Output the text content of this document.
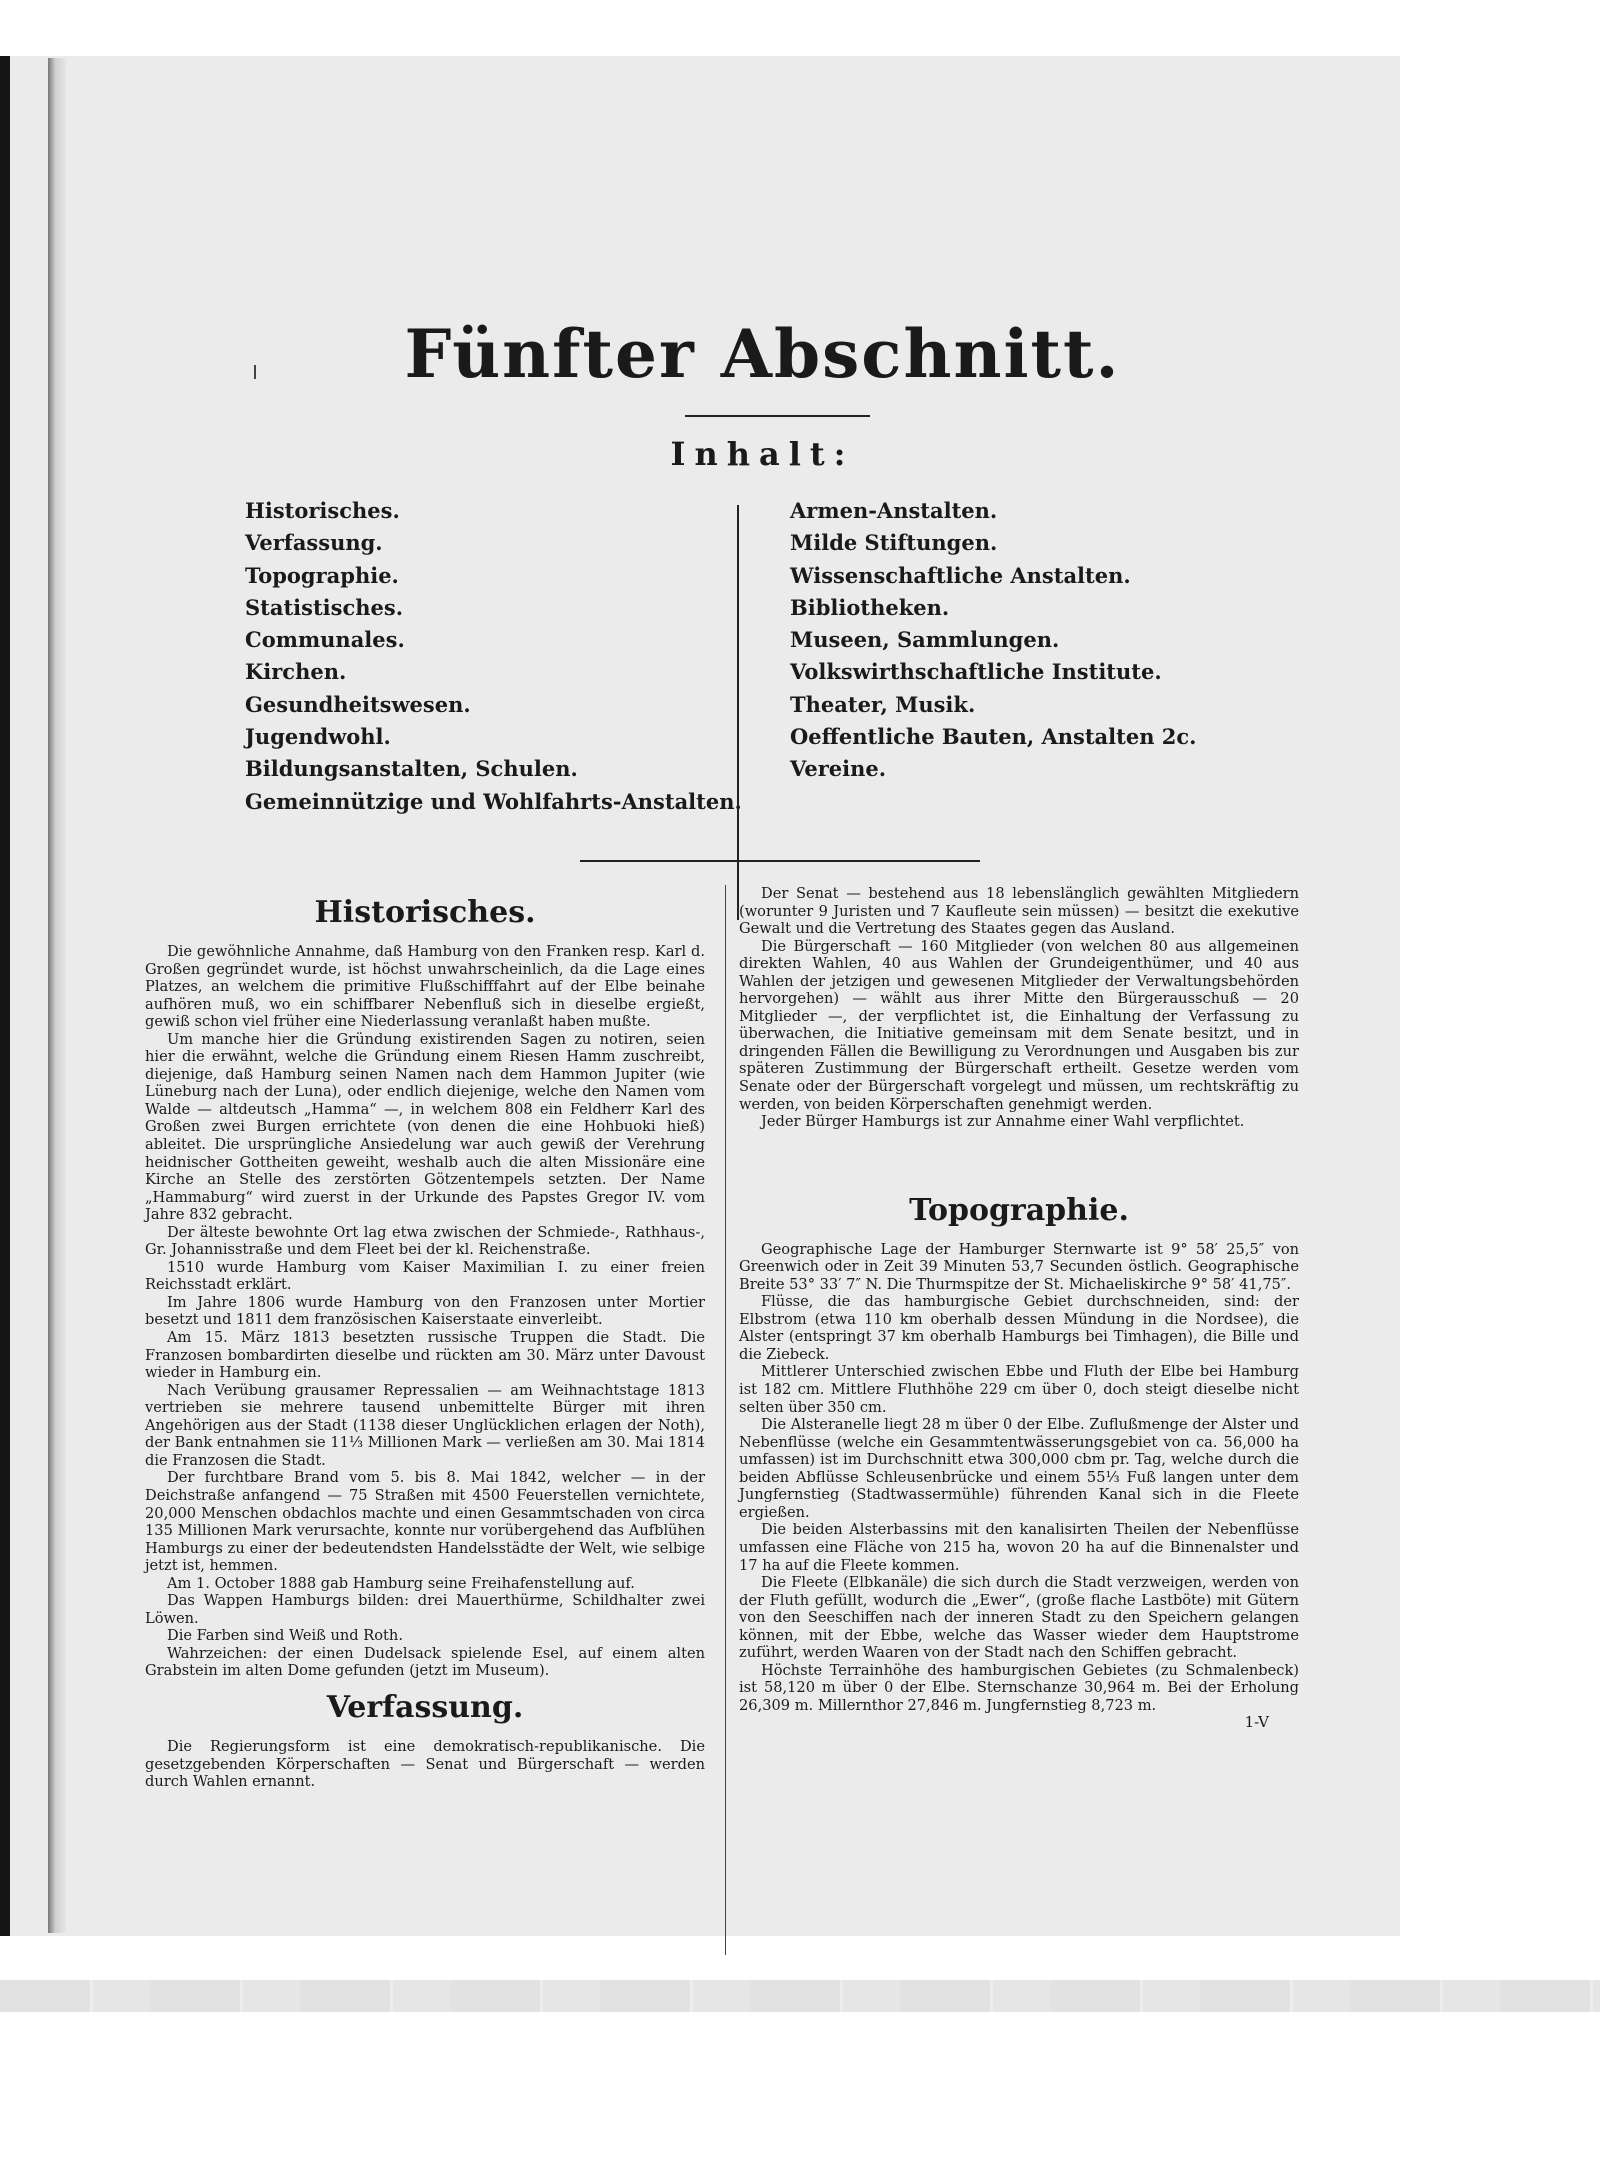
Fünfter Abschnitt.
Inhalt:
Historisches.
Verfassung.
Topographie.
Statistisches.
Communales.
Kirchen.
Gesundheitswesen.
Jugendwohl.
Bildungsanstalten, Schulen.
Gemeinnützige und Wohlfahrts-Anstalten.
Armen-Anstalten.
Milde Stiftungen.
Wissenschaftliche Anstalten.
Bibliotheken.
Museen, Sammlungen.
Volkswirthschaftliche Institute.
Theater, Musik.
Oeffentliche Bauten, Anstalten 2c.
Vereine.
Historisches.

Die gewöhnliche Annahme, daß Hamburg von den Franken resp. Karl d. Großen gegründet wurde, ist höchst unwahrscheinlich, da die Lage eines Platzes, an welchem die primitive Flußschifffahrt auf der Elbe beinahe aufhören muß, wo ein schiffbarer Nebenfluß sich in dieselbe ergießt, gewiß schon viel früher eine Niederlassung veranlaßt haben mußte.

Um manche hier die Gründung existirenden Sagen zu notiren, seien hier die erwähnt, welche die Gründung einem Riesen Hamm zuschreibt, diejenige, daß Hamburg seinen Namen nach dem Hammon Jupiter (wie Lüneburg nach der Luna), oder endlich diejenige, welche den Namen vom Walde — altdeutsch „Hamma“ —, in welchem 808 ein Feldherr Karl des Großen zwei Burgen errichtete (von denen die eine Hohbuoki hieß) ableitet. Die ursprüngliche Ansiedelung war auch gewiß der Verehrung heidnischer Gottheiten geweiht, weshalb auch die alten Missionäre eine Kirche an Stelle des zerstörten Götzentempels setzten. Der Name „Hammaburg“ wird zuerst in der Urkunde des Papstes Gregor IV. vom Jahre 832 gebracht.

Der älteste bewohnte Ort lag etwa zwischen der Schmiede-, Rathhaus-, Gr. Johannisstraße und dem Fleet bei der kl. Reichenstraße.

1510 wurde Hamburg vom Kaiser Maximilian I. zu einer freien Reichsstadt erklärt.

Im Jahre 1806 wurde Hamburg von den Franzosen unter Mortier besetzt und 1811 dem französischen Kaiserstaate einverleibt.

Am 15. März 1813 besetzten russische Truppen die Stadt. Die Franzosen bombardirten dieselbe und rückten am 30. März unter Davoust wieder in Hamburg ein.

Nach Verübung grausamer Repressalien — am Weihnachtstage 1813 vertrieben sie mehrere tausend unbemittelte Bürger mit ihren Angehörigen aus der Stadt (1138 dieser Unglücklichen erlagen der Noth), der Bank entnahmen sie 11⅓ Millionen Mark — verließen am 30. Mai 1814 die Franzosen die Stadt.

Der furchtbare Brand vom 5. bis 8. Mai 1842, welcher — in der Deichstraße anfangend — 75 Straßen mit 4500 Feuerstellen vernichtete, 20,000 Menschen obdachlos machte und einen Gesammtschaden von circa 135 Millionen Mark verursachte, konnte nur vorübergehend das Aufblühen Hamburgs zu einer der bedeutendsten Handelsstädte der Welt, wie selbige jetzt ist, hemmen.

Am 1. October 1888 gab Hamburg seine Freihafenstellung auf.

Das Wappen Hamburgs bilden: drei Mauerthürme, Schildhalter zwei Löwen.

Die Farben sind Weiß und Roth.

Wahrzeichen: der einen Dudelsack spielende Esel, auf einem alten Grabstein im alten Dome gefunden (jetzt im Museum).

Verfassung.

Die Regierungsform ist eine demokratisch-republikanische. Die gesetzgebenden Körperschaften — Senat und Bürgerschaft — werden durch Wahlen ernannt.

Der Senat — bestehend aus 18 lebenslänglich gewählten Mitgliedern (worunter 9 Juristen und 7 Kaufleute sein müssen) — besitzt die exekutive Gewalt und die Vertretung des Staates gegen das Ausland.

Die Bürgerschaft — 160 Mitglieder (von welchen 80 aus allgemeinen direkten Wahlen, 40 aus Wahlen der Grundeigenthümer, und 40 aus Wahlen der jetzigen und gewesenen Mitglieder der Verwaltungsbehörden hervorgehen) — wählt aus ihrer Mitte den Bürgerausschuß — 20 Mitglieder —, der verpflichtet ist, die Einhaltung der Verfassung zu überwachen, die Initiative gemeinsam mit dem Senate besitzt, und in dringenden Fällen die Bewilligung zu Verordnungen und Ausgaben bis zur späteren Zustimmung der Bürgerschaft ertheilt. Gesetze werden vom Senate oder der Bürgerschaft vorgelegt und müssen, um rechtskräftig zu werden, von beiden Körperschaften genehmigt werden.

Jeder Bürger Hamburgs ist zur Annahme einer Wahl verpflichtet.

Topographie.

Geographische Lage der Hamburger Sternwarte ist 9° 58′ 25,5″ von Greenwich oder in Zeit 39 Minuten 53,7 Secunden östlich. Geographische Breite 53° 33′ 7″ N. Die Thurmspitze der St. Michaeliskirche 9° 58′ 41,75″.

Flüsse, die das hamburgische Gebiet durchschneiden, sind: der Elbstrom (etwa 110 km oberhalb dessen Mündung in die Nordsee), die Alster (entspringt 37 km oberhalb Hamburgs bei Timhagen), die Bille und die Ziebeck.

Mittlerer Unterschied zwischen Ebbe und Fluth der Elbe bei Hamburg ist 182 cm. Mittlere Fluthhöhe 229 cm über 0, doch steigt dieselbe nicht selten über 350 cm.

Die Alsteranelle liegt 28 m über 0 der Elbe. Zuflußmenge der Alster und Nebenflüsse (welche ein Gesammtentwässerungsgebiet von ca. 56,000 ha umfassen) ist im Durchschnitt etwa 300,000 cbm pr. Tag, welche durch die beiden Abflüsse Schleusenbrücke und einem 55⅓ Fuß langen unter dem Jungfernstieg (Stadtwassermühle) führenden Kanal sich in die Fleete ergießen.

Die beiden Alsterbassins mit den kanalisirten Theilen der Nebenflüsse umfassen eine Fläche von 215 ha, wovon 20 ha auf die Binnenalster und 17 ha auf die Fleete kommen.

Die Fleete (Elbkanäle) die sich durch die Stadt verzweigen, werden von der Fluth gefüllt, wodurch die „Ewer“, (große flache Lastböte) mit Gütern von den Seeschiffen nach der inneren Stadt zu den Speichern gelangen können, mit der Ebbe, welche das Wasser wieder dem Hauptstrome zuführt, werden Waaren von der Stadt nach den Schiffen gebracht.

Höchste Terrainhöhe des hamburgischen Gebietes (zu Schmalenbeck) ist 58,120 m über 0 der Elbe. Sternschanze 30,964 m. Bei der Erholung 26,309 m. Millernthor 27,846 m. Jungfernstieg 8,723 m.

1-V
